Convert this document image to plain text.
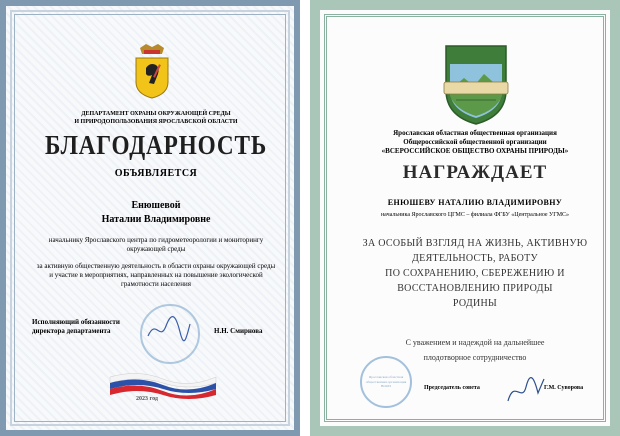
ДЕПАРТАМЕНТ ОХРАНЫ ОКРУЖАЮЩЕЙ СРЕДЫ
И ПРИРОДОПОЛЬЗОВАНИЯ ЯРОСЛАВСКОЙ ОБЛАСТИ
БЛАГОДАРНОСТЬ
ОБЪЯВЛЯЕТСЯ
Енюшевой
Наталии Владимировне
начальнику Ярославского центра по гидрометеорологии и мониторингу окружающей среды
за активную общественную деятельность в области охраны окружающей среды и участие в мероприятиях, направленных на повышение экологической грамотности населения
Исполняющий обязанности
директора департамента	Н.Н. Смирнова
2023 год
Ярославская областная общественная организация
Общероссийской общественной организации
«ВСЕРОССИЙСКОЕ ОБЩЕСТВО ОХРАНЫ ПРИРОДЫ»
НАГРАЖДАЕТ
ЕНЮШЕВУ НАТАЛИЮ ВЛАДИМИРОВНУ
начальника Ярославского ЦГМС – филиала ФГБУ «Центральное УГМС»
ЗА ОСОБЫЙ ВЗГЛЯД НА ЖИЗНЬ, АКТИВНУЮ
ДЕЯТЕЛЬНОСТЬ, РАБОТУ
ПО СОХРАНЕНИЮ, СБЕРЕЖЕНИЮ И
ВОССТАНОВЛЕНИЮ ПРИРОДЫ
РОДИНЫ
С уважением и надеждой на дальнейшее
плодотворное сотрудничество
Ярославская областная общественная организация ВООП	Председатель совета	Г.М. Суворова
